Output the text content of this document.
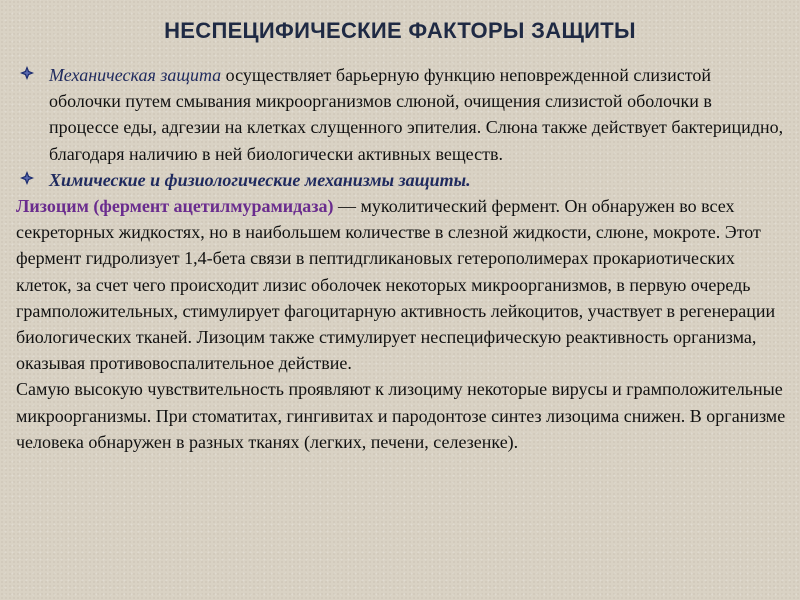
НЕСПЕЦИФИЧЕСКИЕ ФАКТОРЫ ЗАЩИТЫ
Механическая защита осуществляет барьерную функцию неповрежденной слизистой оболочки путем смывания микроорганизмов слюной, очищения слизистой оболочки в процессе еды, адгезии на клетках слущенного эпителия. Слюна также действует бактерицидно, благодаря наличию в ней биологически активных веществ.
Химические и физиологические механизмы защиты.

Лизоцим (фермент ацетилмурамидаза) — муколитический фермент. Он обнаружен во всех секреторных жидкостях, но в наибольшем количестве в слезной жидкости, слюне, мокроте. Этот фермент гидролизует 1,4-бета связи в пептидгликановых гетерополимерах прокариотических клеток, за счет чего происходит лизис оболочек некоторых микроорганизмов, в первую очередь грамположительных, стимулирует фагоцитарную активность лейкоцитов, участвует в регенерации биологических тканей. Лизоцим также стимулирует неспецифическую реактивность организма, оказывая противовоспалительное действие.

Самую высокую чувствительность проявляют к лизоциму некоторые вирусы и грамположительные микроорганизмы. При стоматитах, гингивитах и пародонтозе синтез лизоцима снижен. В организме человека обнаружен в разных тканях (легких, печени, селезенке).
